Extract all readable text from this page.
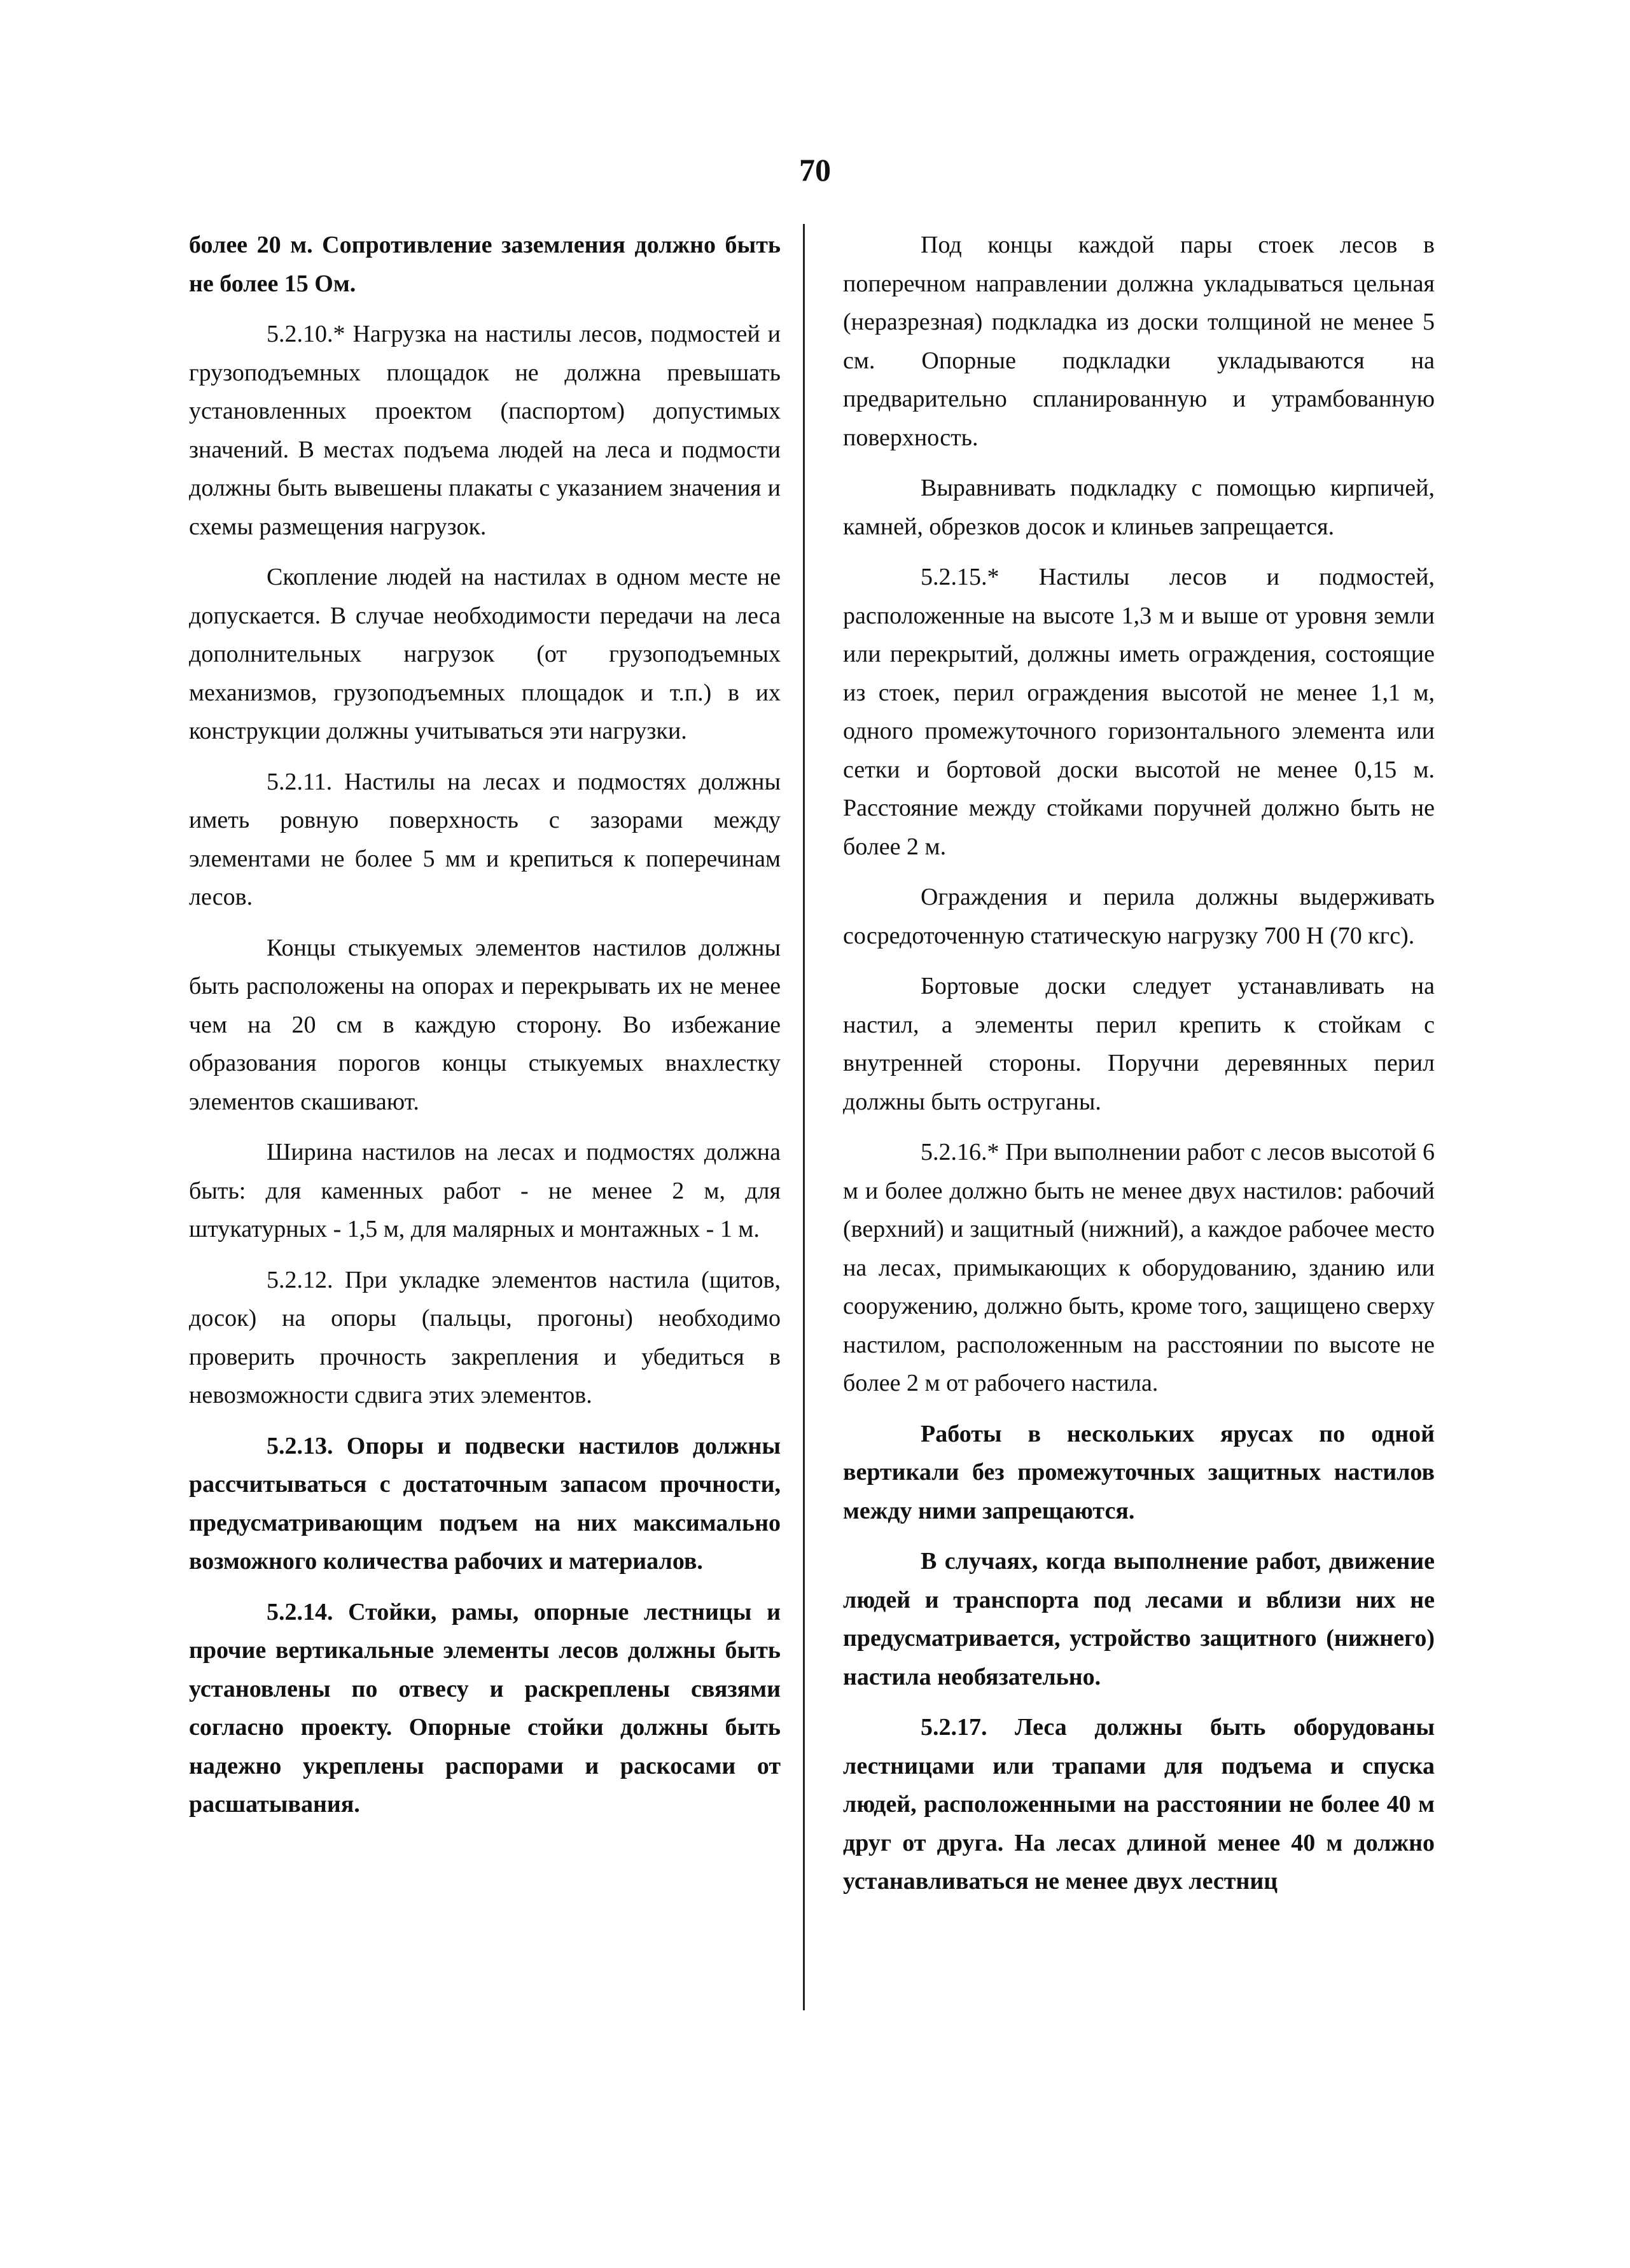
70

более 20 м. Сопротивление заземления должно быть не более 15 Ом.

5.2.10.* Нагрузка на настилы лесов, подмостей и грузоподъемных площадок не должна превышать установленных проектом (паспортом) допустимых значений. В местах подъема людей на леса и подмости должны быть вывешены плакаты с указанием значения и схемы размещения нагрузок.

Скопление людей на настилах в одном месте не допускается. В случае необходимости передачи на леса дополнительных нагрузок (от грузоподъемных механизмов, грузоподъемных площадок и т.п.) в их конструкции должны учитываться эти нагрузки.

5.2.11. Настилы на лесах и подмостях должны иметь ровную поверхность с зазорами между элементами не более 5 мм и крепиться к поперечинам лесов.

Концы стыкуемых элементов настилов должны быть расположены на опорах и перекрывать их не менее чем на 20 см в каждую сторону. Во избежание образования порогов концы стыкуемых внахлестку элементов скашивают.

Ширина настилов на лесах и подмостях должна быть: для каменных работ - не менее 2 м, для штукатурных - 1,5 м, для малярных и монтажных - 1 м.

5.2.12. При укладке элементов настила (щитов, досок) на опоры (пальцы, прогоны) необходимо проверить прочность закрепления и убедиться в невозможности сдвига этих элементов.

5.2.13. Опоры и подвески настилов должны рассчитываться с достаточным запасом прочности, предусматривающим подъем на них максимально возможного количества рабочих и материалов.

5.2.14. Стойки, рамы, опорные лестницы и прочие вертикальные элементы лесов должны быть установлены по отвесу и раскреплены связями согласно проекту. Опорные стойки должны быть надежно укреплены распорами и раскосами от расшатывания.

Под концы каждой пары стоек лесов в поперечном направлении должна укладываться цельная (неразрезная) подкладка из доски толщиной не менее 5 см. Опорные подкладки укладываются на предварительно спланированную и утрамбованную поверхность.

Выравнивать подкладку с помощью кирпичей, камней, обрезков досок и клиньев запрещается.

5.2.15.* Настилы лесов и подмостей, расположенные на высоте 1,3 м и выше от уровня земли или перекрытий, должны иметь ограждения, состоящие из стоек, перил ограждения высотой не менее 1,1 м, одного промежуточного горизонтального элемента или сетки и бортовой доски высотой не менее 0,15 м. Расстояние между стойками поручней должно быть не более 2 м.

Ограждения и перила должны выдерживать сосредоточенную статическую нагрузку 700 Н (70 кгс).

Бортовые доски следует устанавливать на настил, а элементы перил крепить к стойкам с внутренней стороны. Поручни деревянных перил должны быть оструганы.

5.2.16.* При выполнении работ с лесов высотой 6 м и более должно быть не менее двух настилов: рабочий (верхний) и защитный (нижний), а каждое рабочее место на лесах, примыкающих к оборудованию, зданию или сооружению, должно быть, кроме того, защищено сверху настилом, расположенным на расстоянии по высоте не более 2 м от рабочего настила.

Работы в нескольких ярусах по одной вертикали без промежуточных защитных настилов между ними запрещаются.

В случаях, когда выполнение работ, движение людей и транспорта под лесами и вблизи них не предусматривается, устройство защитного (нижнего) настила необязательно.

5.2.17. Леса должны быть оборудованы лестницами или трапами для подъема и спуска людей, расположенными на расстоянии не более 40 м друг от друга. На лесах длиной менее 40 м должно устанавливаться не менее двух лестниц
